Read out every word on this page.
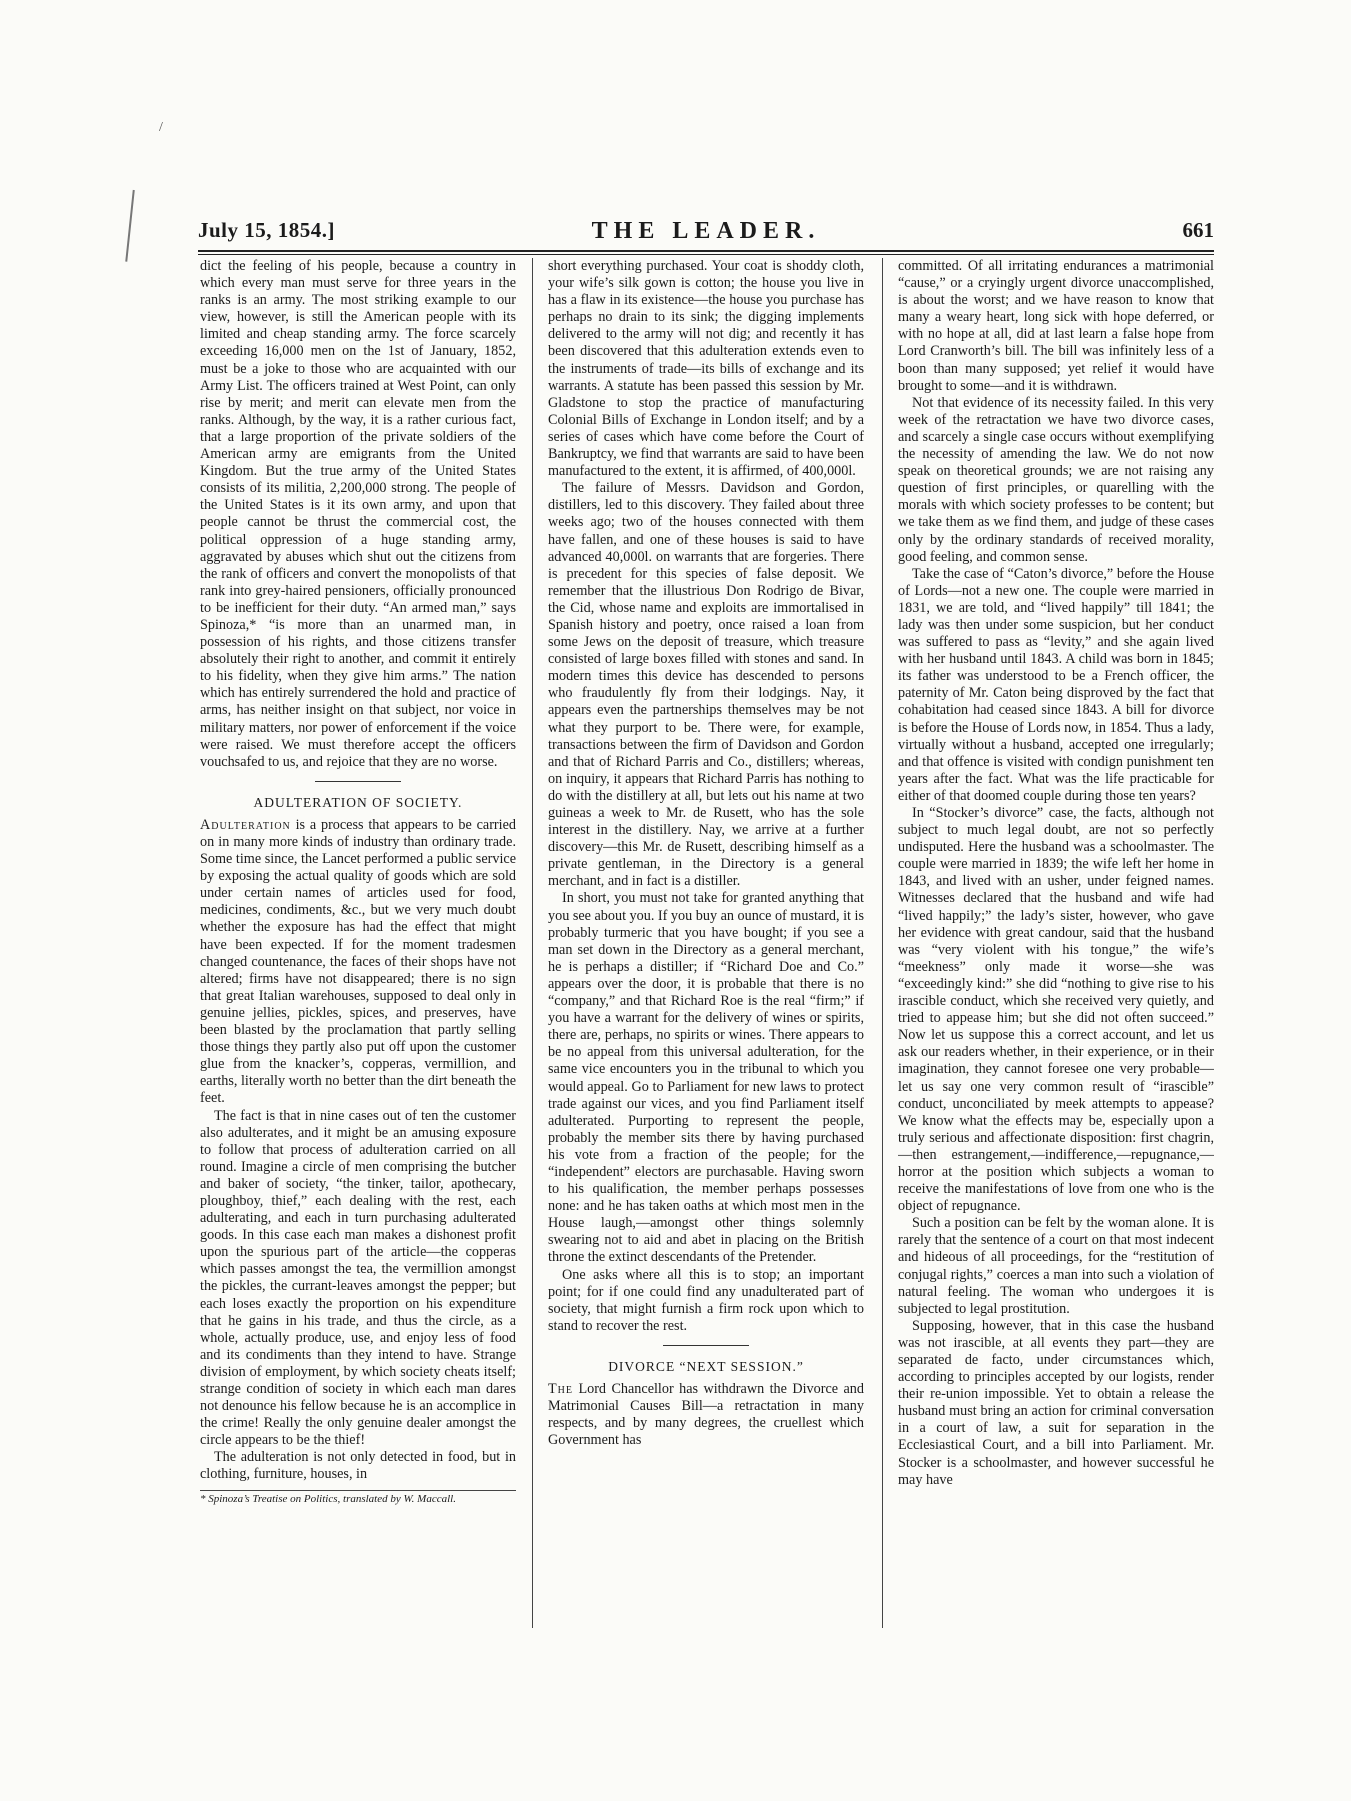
/
July 15, 1854.]	THE LEADER.	661

dict the feeling of his people, because a country in which every man must serve for three years in the ranks is an army. The most striking example to our view, however, is still the American people with its limited and cheap standing army. The force scarcely exceeding 16,000 men on the 1st of January, 1852, must be a joke to those who are acquainted with our Army List. The officers trained at West Point, can only rise by merit; and merit can elevate men from the ranks. Although, by the way, it is a rather curious fact, that a large proportion of the private soldiers of the American army are emigrants from the United Kingdom. But the true army of the United States consists of its militia, 2,200,000 strong. The people of the United States is it its own army, and upon that people cannot be thrust the commercial cost, the political oppression of a huge standing army, aggravated by abuses which shut out the citizens from the rank of officers and convert the monopolists of that rank into grey-haired pensioners, officially pronounced to be inefficient for their duty. “An armed man,” says Spinoza,* “is more than an unarmed man, in possession of his rights, and those citizens transfer absolutely their right to another, and commit it entirely to his fidelity, when they give him arms.” The nation which has entirely surrendered the hold and practice of arms, has neither insight on that subject, nor voice in military matters, nor power of enforcement if the voice were raised. We must therefore accept the officers vouchsafed to us, and rejoice that they are no worse.

ADULTERATION OF SOCIETY.

Adulteration is a process that appears to be carried on in many more kinds of industry than ordinary trade. Some time since, the Lancet performed a public service by exposing the actual quality of goods which are sold under certain names of articles used for food, medicines, condiments, &c., but we very much doubt whether the exposure has had the effect that might have been expected. If for the moment tradesmen changed countenance, the faces of their shops have not altered; firms have not disappeared; there is no sign that great Italian warehouses, supposed to deal only in genuine jellies, pickles, spices, and preserves, have been blasted by the proclamation that partly selling those things they partly also put off upon the customer glue from the knacker’s, copperas, vermillion, and earths, literally worth no better than the dirt beneath the feet.

The fact is that in nine cases out of ten the customer also adulterates, and it might be an amusing exposure to follow that process of adulteration carried on all round. Imagine a circle of men comprising the butcher and baker of society, “the tinker, tailor, apothecary, ploughboy, thief,” each dealing with the rest, each adulterating, and each in turn purchasing adulterated goods. In this case each man makes a dishonest profit upon the spurious part of the article—the copperas which passes amongst the tea, the vermillion amongst the pickles, the currant-leaves amongst the pepper; but each loses exactly the proportion on his expenditure that he gains in his trade, and thus the circle, as a whole, actually produce, use, and enjoy less of food and its condiments than they intend to have. Strange division of employment, by which society cheats itself; strange condition of society in which each man dares not denounce his fellow because he is an accomplice in the crime! Really the only genuine dealer amongst the circle appears to be the thief!

The adulteration is not only detected in food, but in clothing, furniture, houses, in

* Spinoza’s Treatise on Politics, translated by W. Maccall.

short everything purchased. Your coat is shoddy cloth, your wife’s silk gown is cotton; the house you live in has a flaw in its existence—the house you purchase has perhaps no drain to its sink; the digging implements delivered to the army will not dig; and recently it has been discovered that this adulteration extends even to the instruments of trade—its bills of exchange and its warrants. A statute has been passed this session by Mr. Gladstone to stop the practice of manufacturing Colonial Bills of Exchange in London itself; and by a series of cases which have come before the Court of Bankruptcy, we find that warrants are said to have been manufactured to the extent, it is affirmed, of 400,000l.

The failure of Messrs. Davidson and Gordon, distillers, led to this discovery. They failed about three weeks ago; two of the houses connected with them have fallen, and one of these houses is said to have advanced 40,000l. on warrants that are forgeries. There is precedent for this species of false deposit. We remember that the illustrious Don Rodrigo de Bivar, the Cid, whose name and exploits are immortalised in Spanish history and poetry, once raised a loan from some Jews on the deposit of treasure, which treasure consisted of large boxes filled with stones and sand. In modern times this device has descended to persons who fraudulently fly from their lodgings. Nay, it appears even the partnerships themselves may be not what they purport to be. There were, for example, transactions between the firm of Davidson and Gordon and that of Richard Parris and Co., distillers; whereas, on inquiry, it appears that Richard Parris has nothing to do with the distillery at all, but lets out his name at two guineas a week to Mr. de Rusett, who has the sole interest in the distillery. Nay, we arrive at a further discovery—this Mr. de Rusett, describing himself as a private gentleman, in the Directory is a general merchant, and in fact is a distiller.

In short, you must not take for granted anything that you see about you. If you buy an ounce of mustard, it is probably turmeric that you have bought; if you see a man set down in the Directory as a general merchant, he is perhaps a distiller; if “Richard Doe and Co.” appears over the door, it is probable that there is no “company,” and that Richard Roe is the real “firm;” if you have a warrant for the delivery of wines or spirits, there are, perhaps, no spirits or wines. There appears to be no appeal from this universal adulteration, for the same vice encounters you in the tribunal to which you would appeal. Go to Parliament for new laws to protect trade against our vices, and you find Parliament itself adulterated. Purporting to represent the people, probably the member sits there by having purchased his vote from a fraction of the people; for the “independent” electors are purchasable. Having sworn to his qualification, the member perhaps possesses none: and he has taken oaths at which most men in the House laugh,—amongst other things solemnly swearing not to aid and abet in placing on the British throne the extinct descendants of the Pretender.

One asks where all this is to stop; an important point; for if one could find any unadulterated part of society, that might furnish a firm rock upon which to stand to recover the rest.

DIVORCE “NEXT SESSION.”

The Lord Chancellor has withdrawn the Divorce and Matrimonial Causes Bill—a retractation in many respects, and by many degrees, the cruellest which Government has

committed. Of all irritating endurances a matrimonial “cause,” or a cryingly urgent divorce unaccomplished, is about the worst; and we have reason to know that many a weary heart, long sick with hope deferred, or with no hope at all, did at last learn a false hope from Lord Cranworth’s bill. The bill was infinitely less of a boon than many supposed; yet relief it would have brought to some—and it is withdrawn.

Not that evidence of its necessity failed. In this very week of the retractation we have two divorce cases, and scarcely a single case occurs without exemplifying the necessity of amending the law. We do not now speak on theoretical grounds; we are not raising any question of first principles, or quarelling with the morals with which society professes to be content; but we take them as we find them, and judge of these cases only by the ordinary standards of received morality, good feeling, and common sense.

Take the case of “Caton’s divorce,” before the House of Lords—not a new one. The couple were married in 1831, we are told, and “lived happily” till 1841; the lady was then under some suspicion, but her conduct was suffered to pass as “levity,” and she again lived with her husband until 1843. A child was born in 1845; its father was understood to be a French officer, the paternity of Mr. Caton being disproved by the fact that cohabitation had ceased since 1843. A bill for divorce is before the House of Lords now, in 1854. Thus a lady, virtually without a husband, accepted one irregularly; and that offence is visited with condign punishment ten years after the fact. What was the life practicable for either of that doomed couple during those ten years?

In “Stocker’s divorce” case, the facts, although not subject to much legal doubt, are not so perfectly undisputed. Here the husband was a schoolmaster. The couple were married in 1839; the wife left her home in 1843, and lived with an usher, under feigned names. Witnesses declared that the husband and wife had “lived happily;” the lady’s sister, however, who gave her evidence with great candour, said that the husband was “very violent with his tongue,” the wife’s “meekness” only made it worse—she was “exceedingly kind:” she did “nothing to give rise to his irascible conduct, which she received very quietly, and tried to appease him; but she did not often succeed.” Now let us suppose this a correct account, and let us ask our readers whether, in their experience, or in their imagination, they cannot foresee one very probable—let us say one very common result of “irascible” conduct, unconciliated by meek attempts to appease? We know what the effects may be, especially upon a truly serious and affectionate disposition: first chagrin,—then estrangement,—indifference,—repugnance,—horror at the position which subjects a woman to receive the manifestations of love from one who is the object of repugnance.

Such a position can be felt by the woman alone. It is rarely that the sentence of a court on that most indecent and hideous of all proceedings, for the “restitution of conjugal rights,” coerces a man into such a violation of natural feeling. The woman who undergoes it is subjected to legal prostitution.

Supposing, however, that in this case the husband was not irascible, at all events they part—they are separated de facto, under circumstances which, according to principles accepted by our logists, render their re-union impossible. Yet to obtain a release the husband must bring an action for criminal conversation in a court of law, a suit for separation in the Ecclesiastical Court, and a bill into Parliament. Mr. Stocker is a schoolmaster, and however successful he may have
